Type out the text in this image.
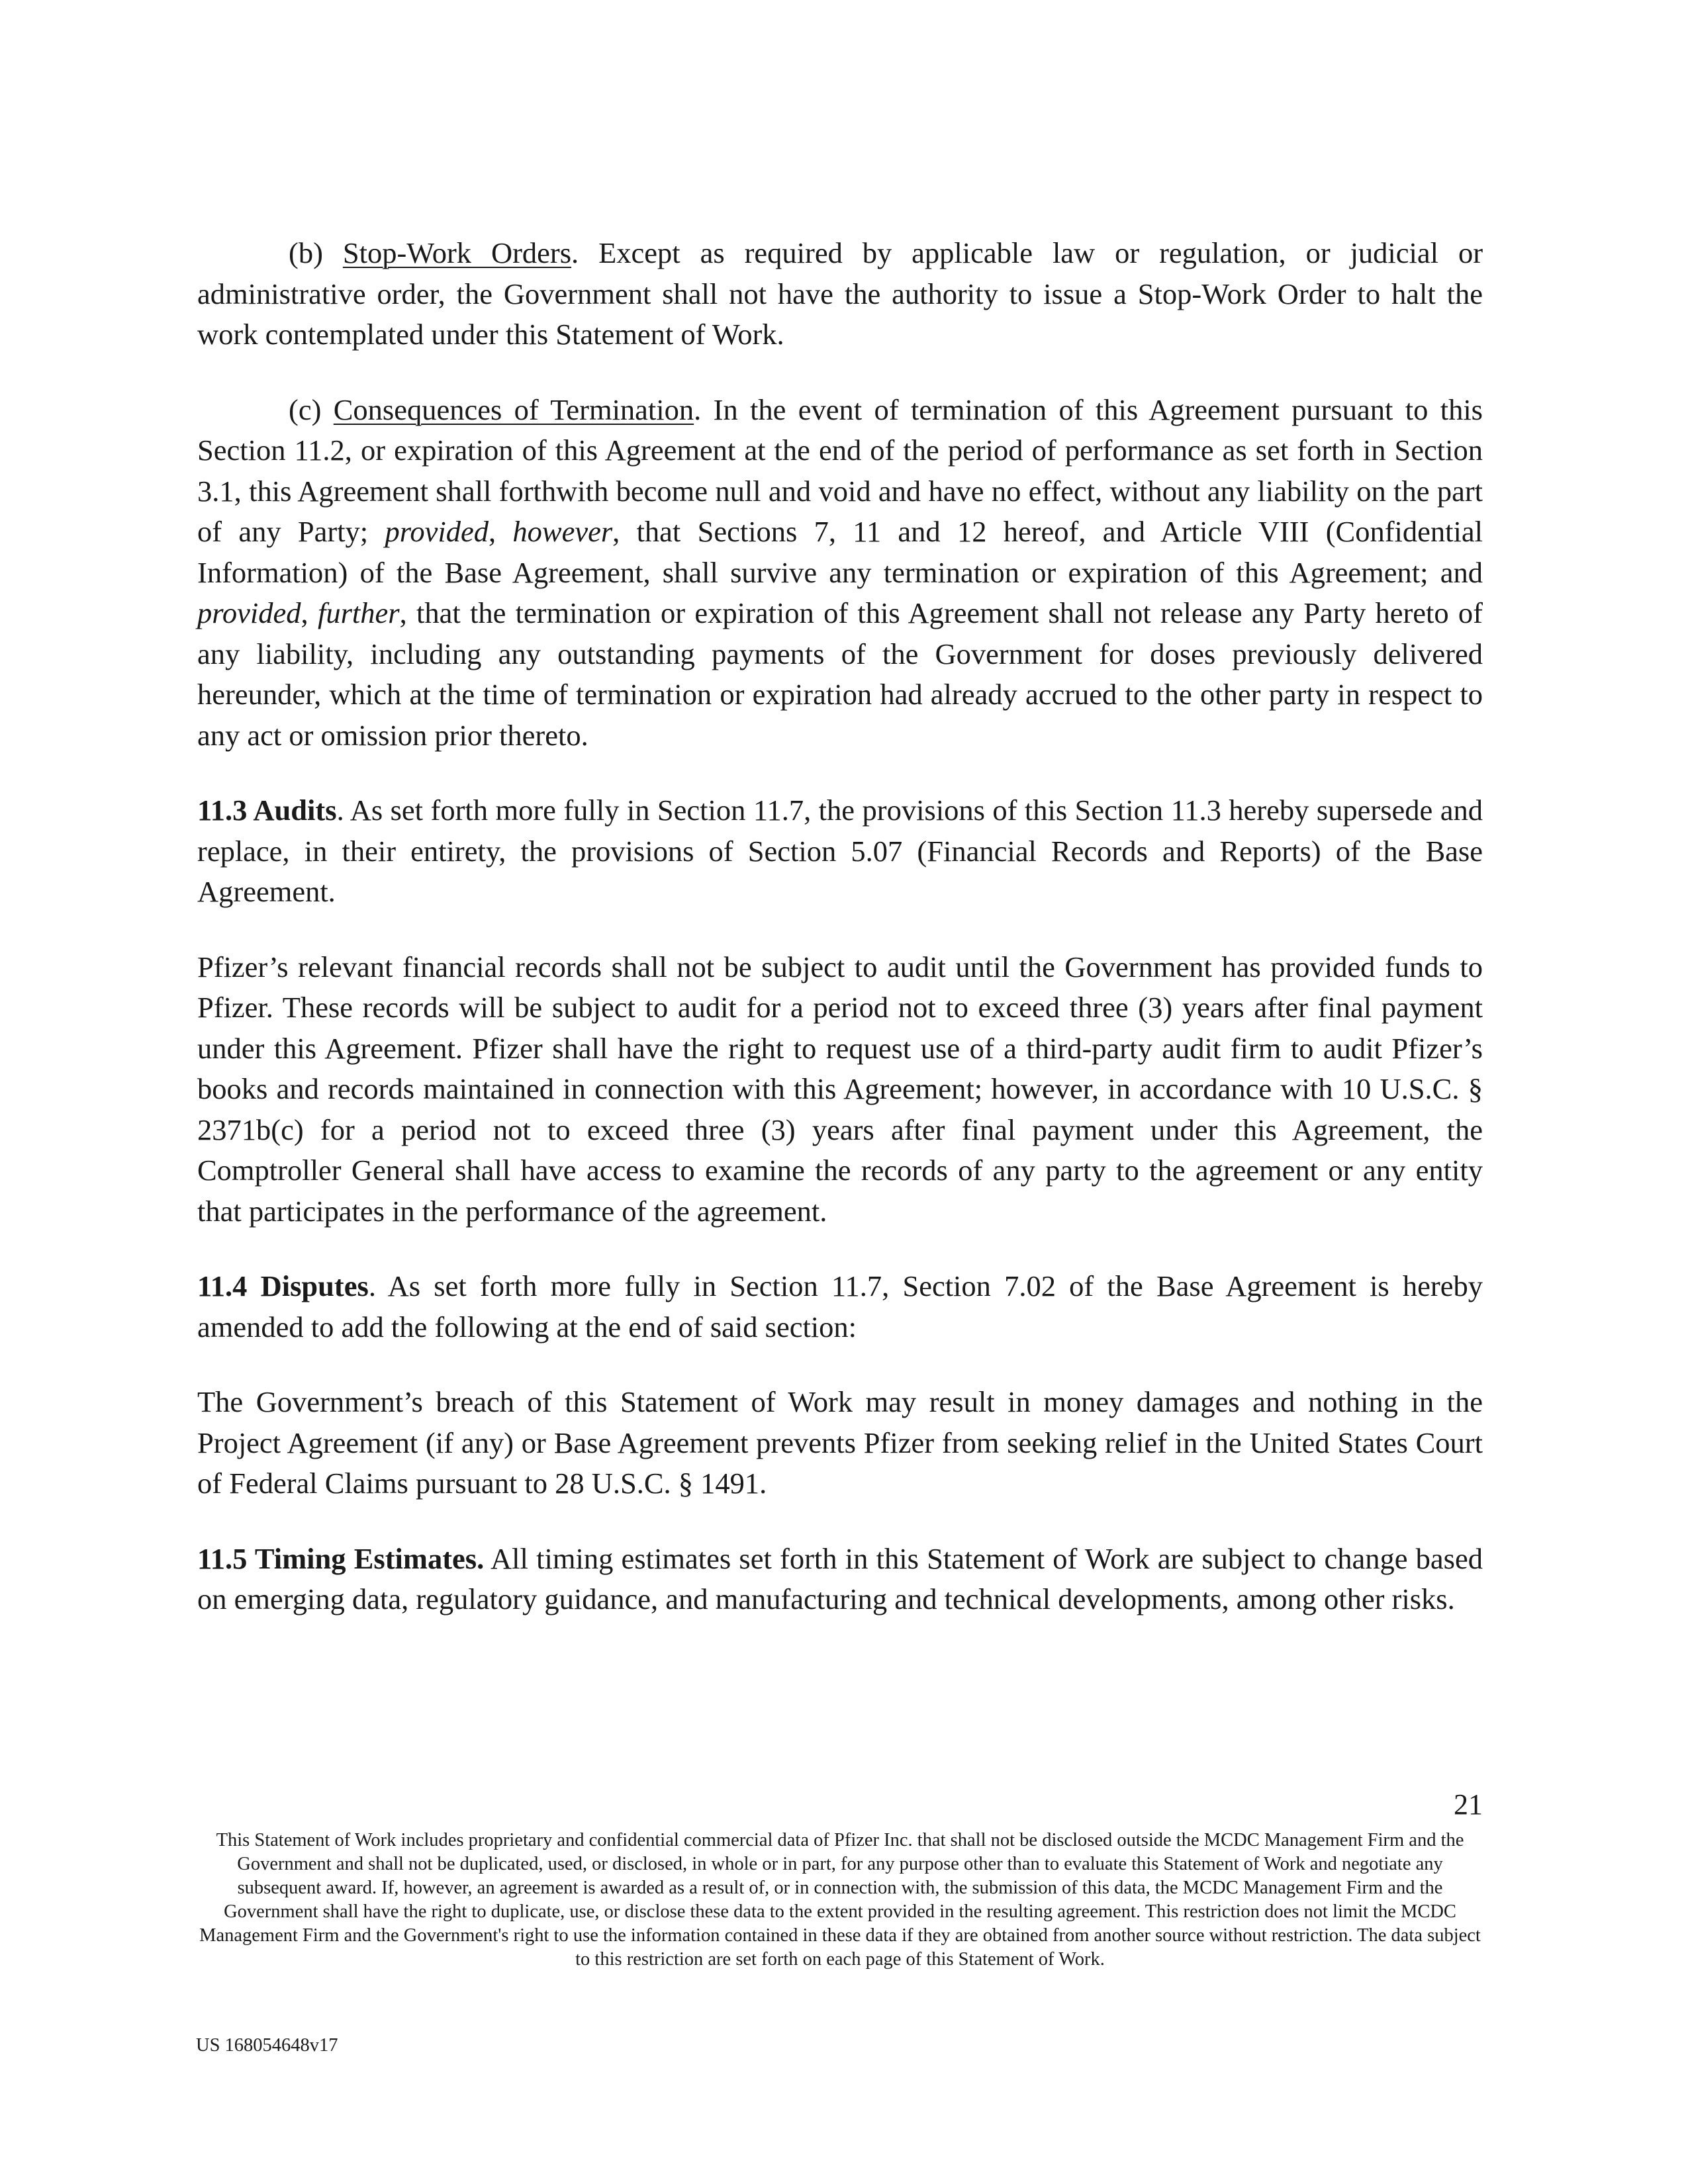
(b) Stop-Work Orders. Except as required by applicable law or regulation, or judicial or administrative order, the Government shall not have the authority to issue a Stop-Work Order to halt the work contemplated under this Statement of Work.

(c) Consequences of Termination. In the event of termination of this Agreement pursuant to this Section 11.2, or expiration of this Agreement at the end of the period of performance as set forth in Section 3.1, this Agreement shall forthwith become null and void and have no effect, without any liability on the part of any Party; provided, however, that Sections 7, 11 and 12 hereof, and Article VIII (Confidential Information) of the Base Agreement, shall survive any termination or expiration of this Agreement; and provided, further, that the termination or expiration of this Agreement shall not release any Party hereto of any liability, including any outstanding payments of the Government for doses previously delivered hereunder, which at the time of termination or expiration had already accrued to the other party in respect to any act or omission prior thereto.

11.3 Audits. As set forth more fully in Section 11.7, the provisions of this Section 11.3 hereby supersede and replace, in their entirety, the provisions of Section 5.07 (Financial Records and Reports) of the Base Agreement.

Pfizer’s relevant financial records shall not be subject to audit until the Government has provided funds to Pfizer. These records will be subject to audit for a period not to exceed three (3) years after final payment under this Agreement. Pfizer shall have the right to request use of a third-party audit firm to audit Pfizer’s books and records maintained in connection with this Agreement; however, in accordance with 10 U.S.C. § 2371b(c) for a period not to exceed three (3) years after final payment under this Agreement, the Comptroller General shall have access to examine the records of any party to the agreement or any entity that participates in the performance of the agreement.

11.4 Disputes. As set forth more fully in Section 11.7, Section 7.02 of the Base Agreement is hereby amended to add the following at the end of said section:

The Government’s breach of this Statement of Work may result in money damages and nothing in the Project Agreement (if any) or Base Agreement prevents Pfizer from seeking relief in the United States Court of Federal Claims pursuant to 28 U.S.C. § 1491.

11.5 Timing Estimates. All timing estimates set forth in this Statement of Work are subject to change based on emerging data, regulatory guidance, and manufacturing and technical developments, among other risks.

21
This Statement of Work includes proprietary and confidential commercial data of Pfizer Inc. that shall not be disclosed outside the MCDC Management Firm and the Government and shall not be duplicated, used, or disclosed, in whole or in part, for any purpose other than to evaluate this Statement of Work and negotiate any subsequent award. If, however, an agreement is awarded as a result of, or in connection with, the submission of this data, the MCDC Management Firm and the Government shall have the right to duplicate, use, or disclose these data to the extent provided in the resulting agreement. This restriction does not limit the MCDC Management Firm and the Government's right to use the information contained in these data if they are obtained from another source without restriction. The data subject to this restriction are set forth on each page of this Statement of Work.
US 168054648v17
